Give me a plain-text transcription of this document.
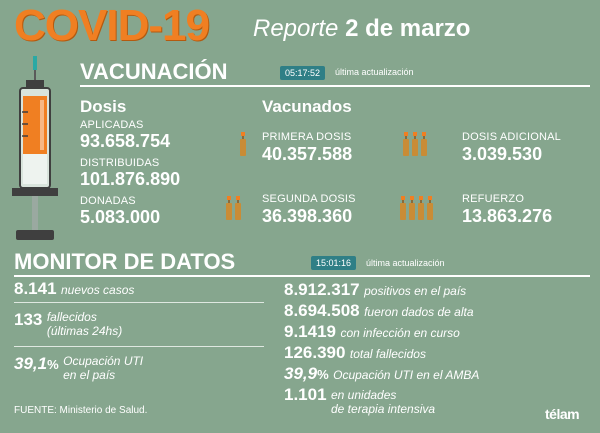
COVID-19 Reporte 2 de marzo
VACUNACIÓN	05:17:52	última actualización
Dosis
APLICADAS
93.658.754
DISTRIBUIDAS
101.876.890
DONADAS
5.083.000
Vacunados
PRIMERA DOSIS
40.357.588
SEGUNDA DOSIS
36.398.360
DOSIS ADICIONAL
3.039.530
REFUERZO
13.863.276
MONITOR DE DATOS	15:01:16	última actualización
8.141 nuevos casos
133 fallecidos
(últimas 24hs)
39,1% Ocupación UTI
en el país
8.912.317 positivos en el país
8.694.508 fueron dados de alta
9.1419 con infección en curso
126.390 total fallecidos
39,9% Ocupación UTI en el AMBA
1.101 en unidades
de terapia intensiva
FUENTE: Ministerio de Salud.	télam
